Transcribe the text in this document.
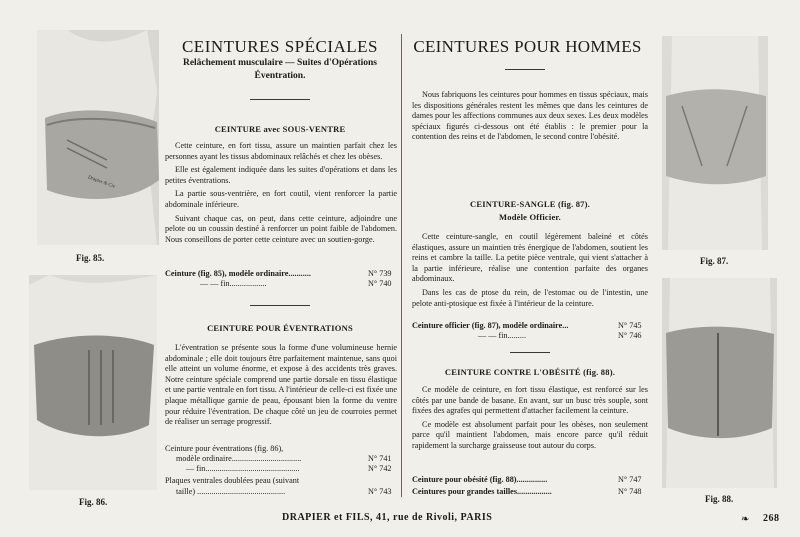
Drapier & Cie
Fig. 85.
Fig. 86.
Fig. 87.
Fig. 88.
CEINTURES SPÉCIALES
Relâchement musculaire — Suites d'Opérations
Éventration.
CEINTURE avec SOUS-VENTRE

Cette ceinture, en fort tissu, assure un maintien parfait chez les personnes ayant les tissus abdominaux relâchés et chez les obèses.

Elle est également indiquée dans les suites d'opérations et dans les petites éventrations.

La partie sous-ventrière, en fort coutil, vient renforcer la partie abdominale inférieure.

Suivant chaque cas, on peut, dans cette ceinture, adjoindre une pelote ou un coussin destiné à renforcer un point faible de l'abdomen. Nous conseillons de porter cette ceinture avec un soutien-gorge.

Ceinture (fig. 85), modèle ordinaire...........	N° 739
— — fin..................	N° 740
CEINTURE POUR ÉVENTRATIONS

L'éventration se présente sous la forme d'une volumineuse hernie abdominale ; elle doit toujours être parfaitement maintenue, sans quoi elle atteint un volume énorme, et expose à des accidents très graves. Notre ceinture spéciale comprend une partie dorsale en tissu élastique et une partie ventrale en fort tissu. A l'intérieur de celle-ci est fixée une plaque métallique garnie de peau, épousant bien la forme du ventre pour réduire l'éventration. De chaque côté un jeu de courroies permet de réaliser un serrage progressif.

Ceinture pour éventrations (fig. 86),
modèle ordinaire..................................	N° 741
— fin..............................................	N° 742
Plaques ventrales doublées peau (suivant
taille) ...........................................	N° 743
CEINTURES POUR HOMMES

Nous fabriquons les ceintures pour hommes en tissus spéciaux, mais les dispositions générales restent les mêmes que dans les ceintures de dames pour les affections communes aux deux sexes. Les deux modèles spéciaux figurés ci-dessous ont été établis : le premier pour la contention des reins et de l'abdomen, le second contre l'obésité.

CEINTURE-SANGLE (fig. 87).
Modèle Officier.

Cette ceinture-sangle, en coutil légèrement baleiné et côtés élastiques, assure un maintien très énergique de l'abdomen, soutient les reins et cambre la taille. La petite pièce ventrale, qui vient s'attacher à la partie inférieure, réalise une contention parfaite des organes abdominaux.

Dans les cas de ptose du rein, de l'estomac ou de l'intestin, une pelote anti-ptosique est fixée à l'intérieur de la ceinture.

Ceinture officier (fig. 87), modèle ordinaire...	N° 745
— — fin.........	N° 746
CEINTURE CONTRE L'OBÉSITÉ (fig. 88).

Ce modèle de ceinture, en fort tissu élastique, est renforcé sur les côtés par une bande de basane. En avant, sur un busc très souple, sont fixées des agrafes qui permettent d'attacher facilement la ceinture.

Ce modèle est absolument parfait pour les obèses, non seulement parce qu'il maintient l'abdomen, mais encore parce qu'il réduit rapidement la surcharge graisseuse tout autour du corps.

Ceinture pour obésité (fig. 88)...............	N° 747
Ceintures pour grandes tailles.................	N° 748
DRAPIER et FILS, 41, rue de Rivoli, PARIS	❧ 268
